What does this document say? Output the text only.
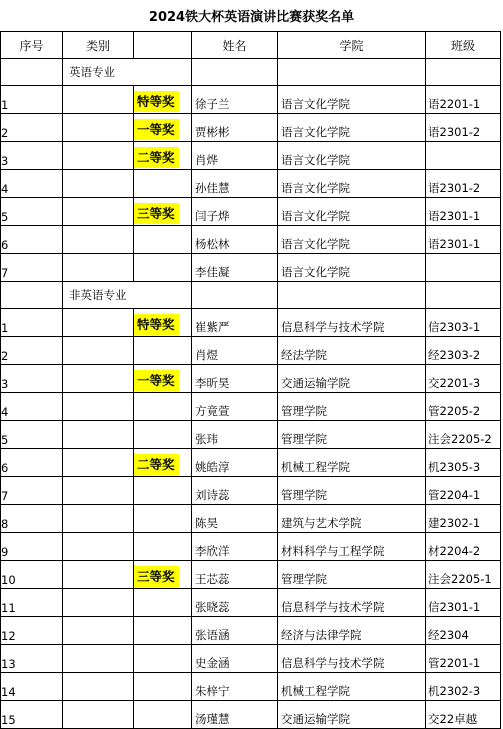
2024铁大杯英语演讲比赛获奖名单
序号	类别		姓名	学院	班级
	英语专业				
1		特等奖	徐子兰	语言文化学院	语2201-1
2		一等奖	贾彬彬	语言文化学院	语2301-2
3		二等奖	肖烨	语言文化学院	
4			孙佳慧	语言文化学院	语2301-2
5		三等奖	闫子烨	语言文化学院	语2301-1
6			杨松林	语言文化学院	语2301-1
7			李佳凝	语言文化学院	
	非英语专业				
1		特等奖	崔紫严	信息科学与技术学院	信2303-1
2			肖煜	经法学院	经2303-2
3		一等奖	李昕昊	交通运输学院	交2201-3
4			方竟萱	管理学院	管2205-2
5			张玮	管理学院	注会2205-2
6		二等奖	姚皓淳	机械工程学院	机2305-3
7			刘诗蕊	管理学院	管2204-1
8			陈昊	建筑与艺术学院	建2302-1
9			李欣洋	材料科学与工程学院	材2204-2
10		三等奖	王芯蕊	管理学院	注会2205-1
11			张晓蕊	信息科学与技术学院	信2301-1
12			张语涵	经济与法律学院	经2304
13			史金涵	信息科学与技术学院	管2201-1
14			朱梓宁	机械工程学院	机2302-3
15			汤瑾慧	交通运输学院	交22卓越
